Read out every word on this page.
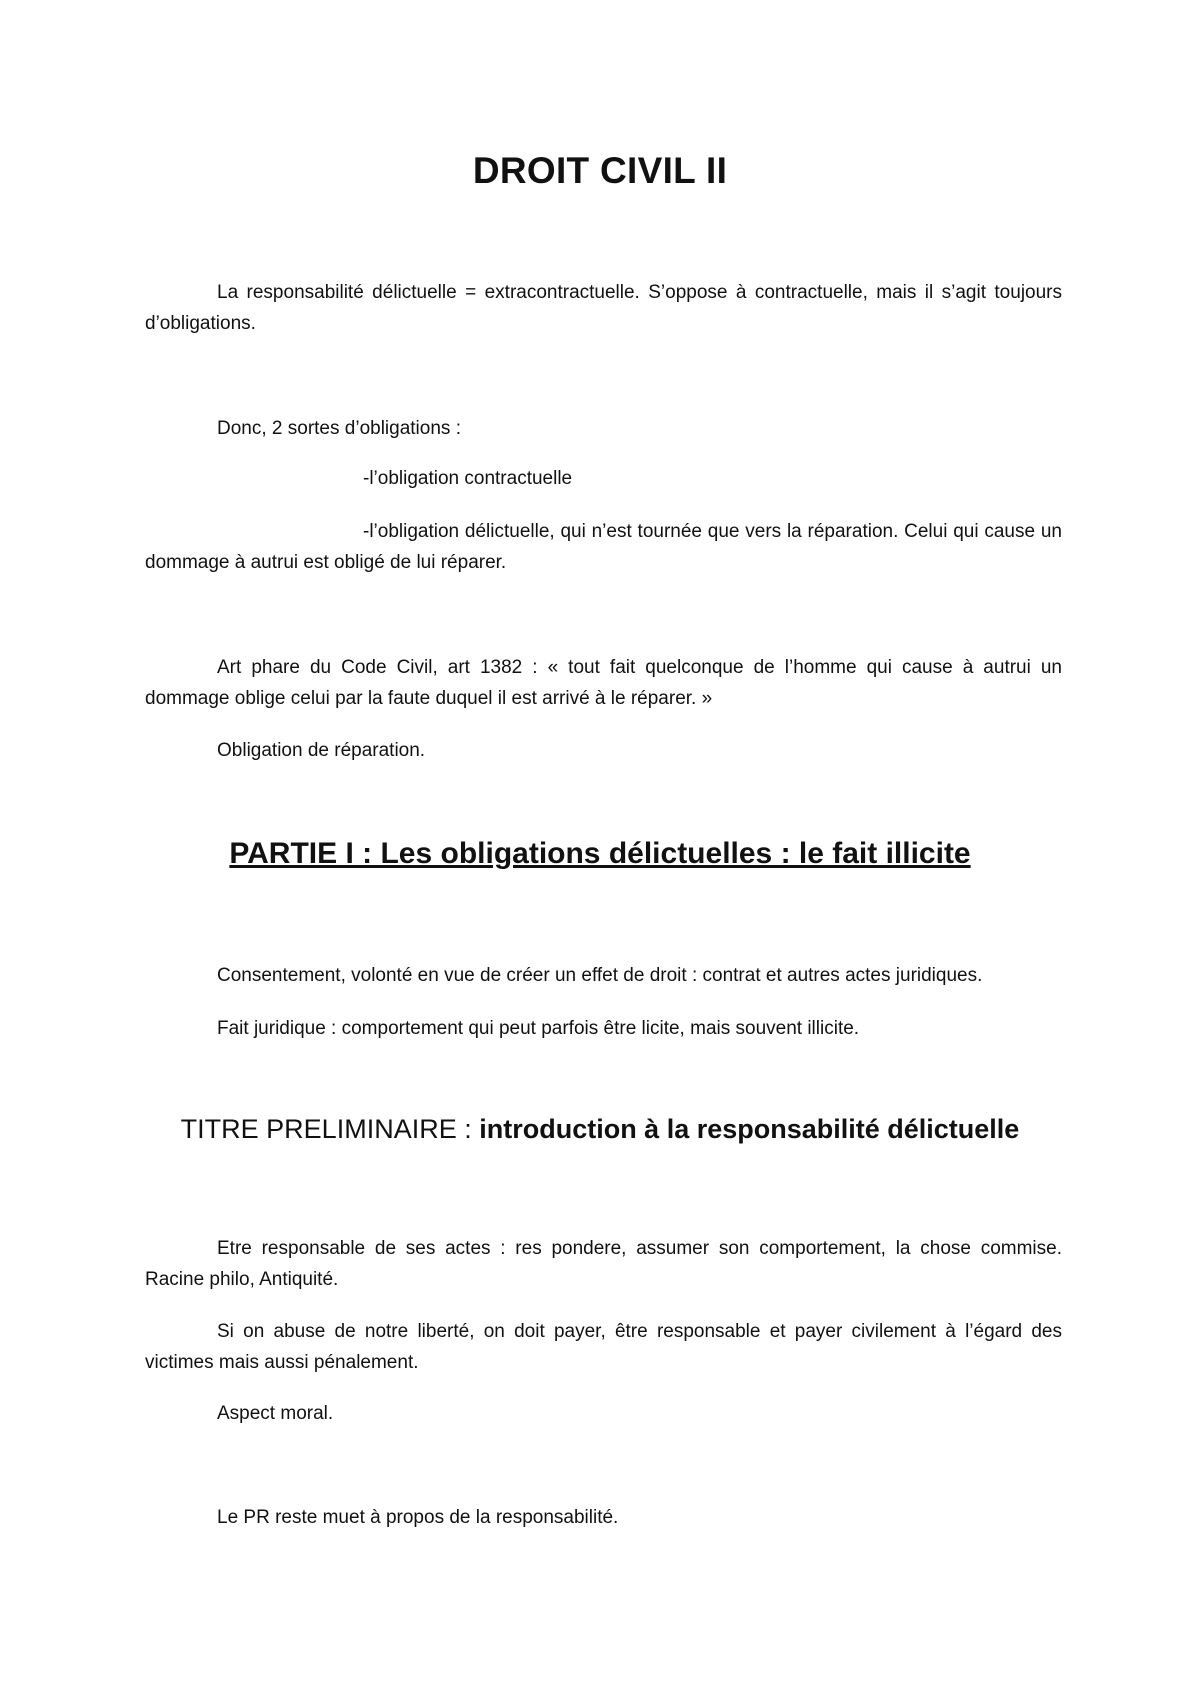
DROIT CIVIL II

La responsabilité délictuelle = extracontractuelle. S’oppose à contractuelle, mais il s’agit toujours d’obligations.

Donc, 2 sortes d’obligations :

-l’obligation contractuelle

-l’obligation délictuelle, qui n’est tournée que vers la réparation. Celui qui cause un dommage à autrui est obligé de lui réparer.

Art phare du Code Civil, art 1382 : « tout fait quelconque de l’homme qui cause à autrui un dommage oblige celui par la faute duquel il est arrivé à le réparer. »

Obligation de réparation.

PARTIE I : Les obligations délictuelles : le fait illicite

Consentement, volonté en vue de créer un effet de droit : contrat et autres actes juridiques.

Fait juridique : comportement qui peut parfois être licite, mais souvent illicite.

TITRE PRELIMINAIRE : introduction à la responsabilité délictuelle

Etre responsable de ses actes : res pondere, assumer son comportement, la chose commise. Racine philo, Antiquité.

Si on abuse de notre liberté, on doit payer, être responsable et payer civilement à l’égard des victimes mais aussi pénalement.

Aspect moral.

Le PR reste muet à propos de la responsabilité.
